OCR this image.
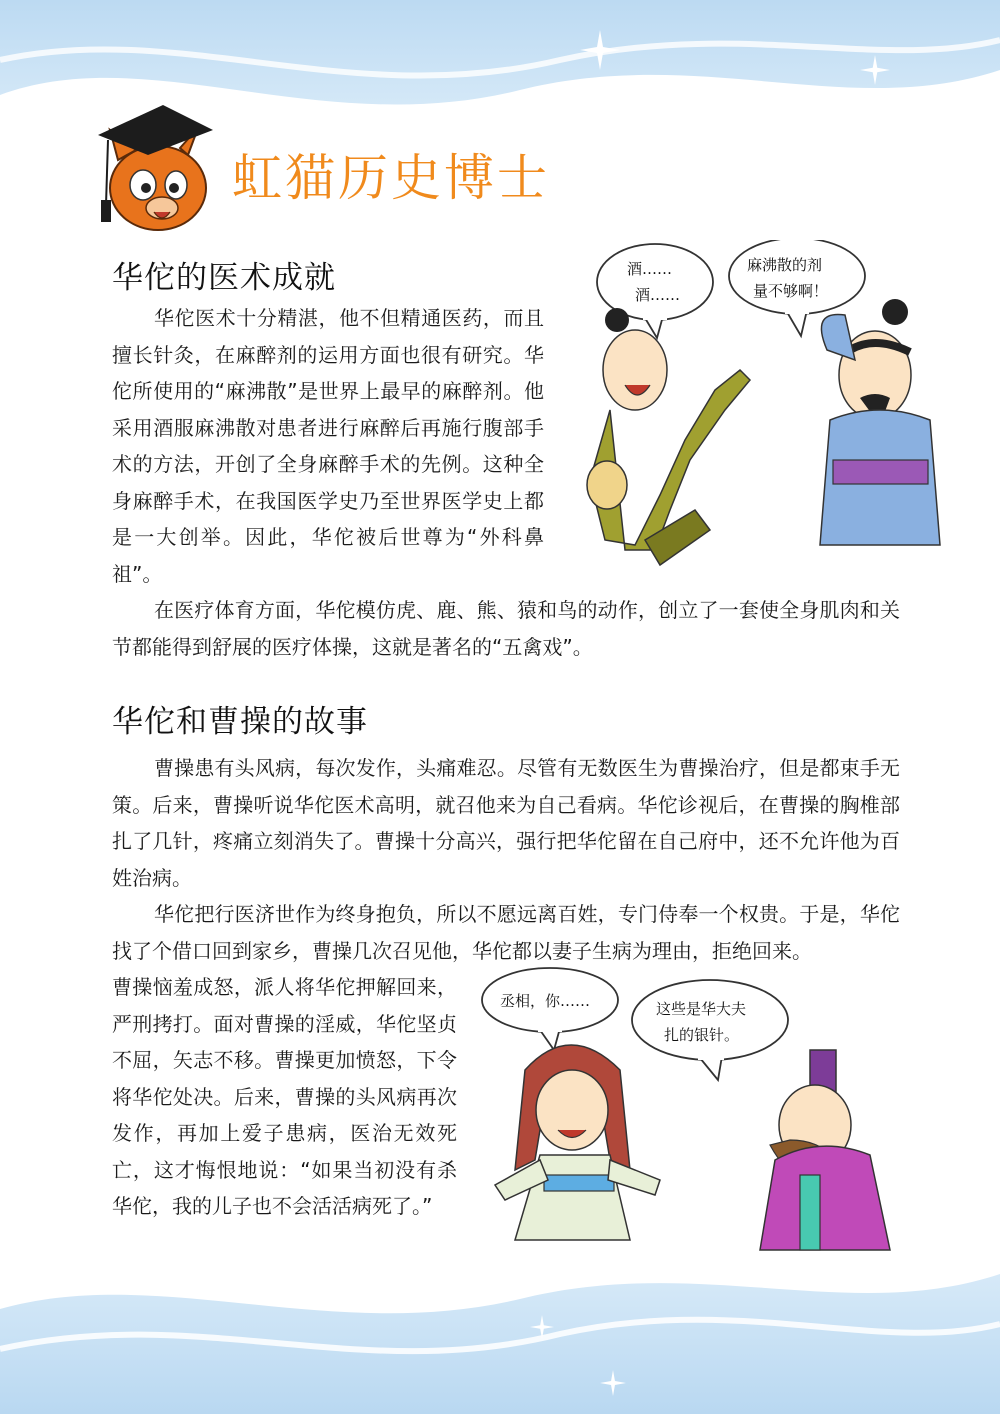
虹猫历史博士
华佗的医术成就

华佗医术十分精湛，他不但精通医药，而且擅长针灸，在麻醉剂的运用方面也很有研究。华佗所使用的“麻沸散”是世界上最早的麻醉剂。他采用酒服麻沸散对患者进行麻醉后再施行腹部手术的方法，开创了全身麻醉手术的先例。这种全身麻醉手术，在我国医学史乃至世界医学史上都是一大创举。因此，华佗被后世尊为“外科鼻祖”。

在医疗体育方面，华佗模仿虎、鹿、熊、猿和鸟的动作，创立了一套使全身肌肉和关节都能得到舒展的医疗体操，这就是著名的“五禽戏”。

酒……
酒……
麻沸散的剂
量不够啊！
华佗和曹操的故事

曹操患有头风病，每次发作，头痛难忍。尽管有无数医生为曹操治疗，但是都束手无策。后来，曹操听说华佗医术高明，就召他来为自己看病。华佗诊视后，在曹操的胸椎部扎了几针，疼痛立刻消失了。曹操十分高兴，强行把华佗留在自己府中，还不允许他为百姓治病。

华佗把行医济世作为终身抱负，所以不愿远离百姓，专门侍奉一个权贵。于是，华佗找了个借口回到家乡，曹操几次召见他，华佗都以妻子生病为理由，拒绝回来。

曹操恼羞成怒，派人将华佗押解回来，严刑拷打。面对曹操的淫威，华佗坚贞不屈，矢志不移。曹操更加愤怒，下令将华佗处决。后来，曹操的头风病再次发作，再加上爱子患病，医治无效死亡，这才悔恨地说：“如果当初没有杀华佗，我的儿子也不会活活病死了。”

丞相，你……	这些是华大夫
扎的银针。
